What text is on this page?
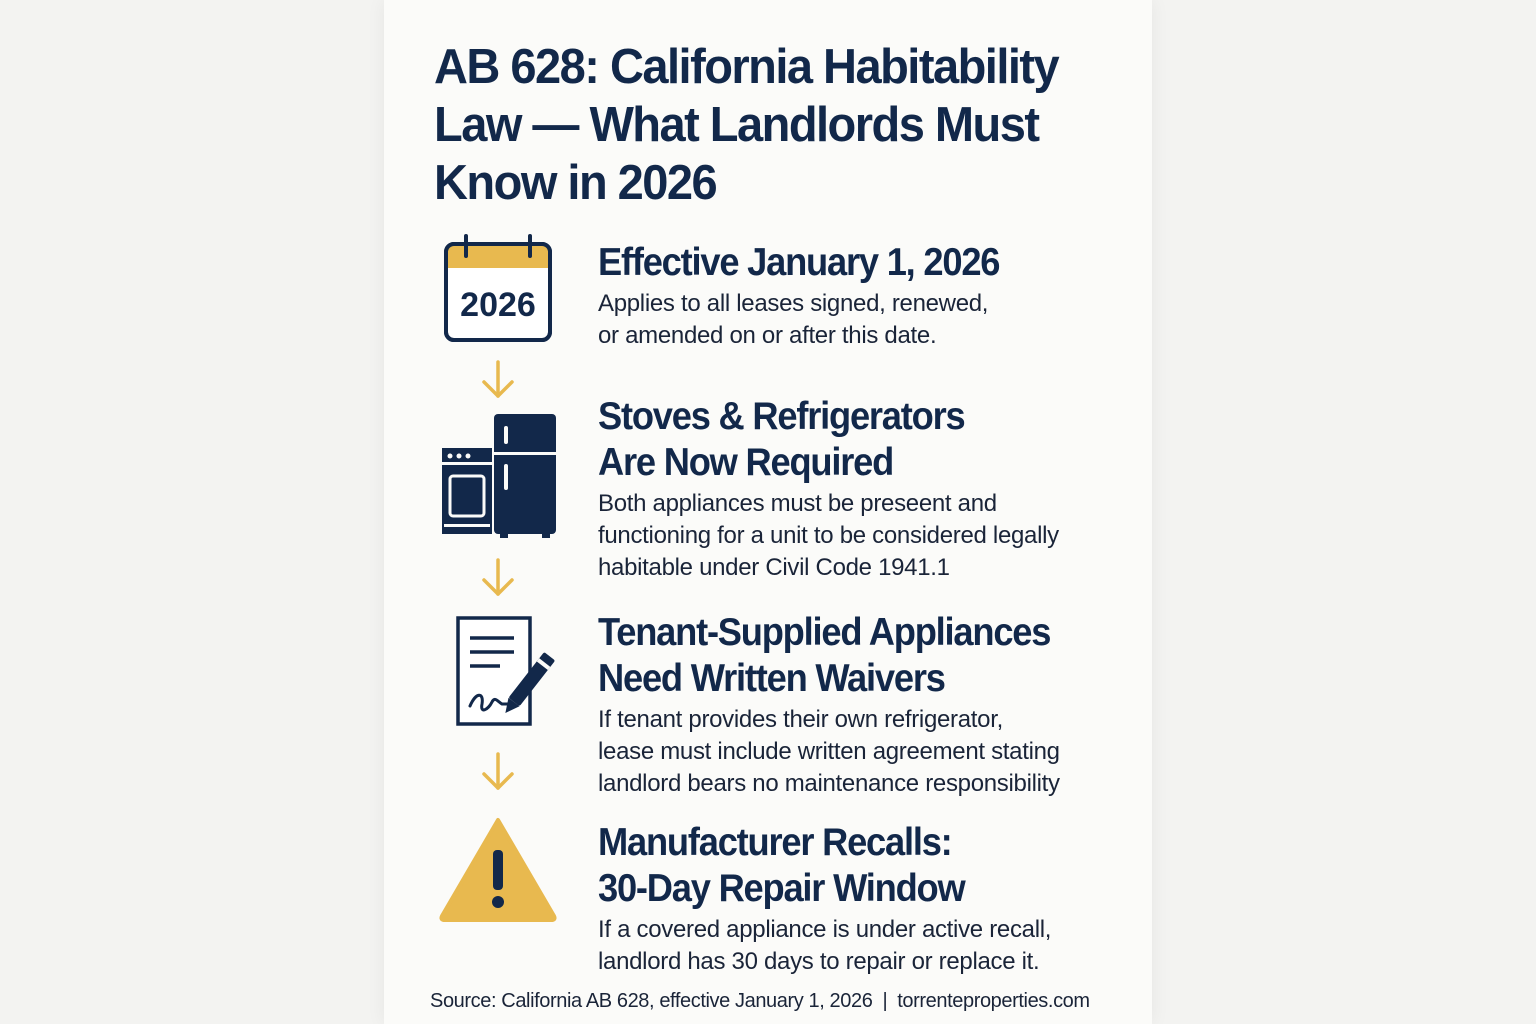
AB 628: California Habitability Law — What Landlords Must Know in 2026
2026
Effective January 1, 2026

Applies to all leases signed, renewed,
or amended on or after this date.

Stoves & Refrigerators
Are Now Required

Both appliances must be preseent and
functioning for a unit to be considered legally
habitable under Civil Code 1941.1

Tenant-Supplied Appliances
Need Written Waivers

If tenant provides their own refrigerator,
lease must include written agreement stating
landlord bears no maintenance responsibility

Manufacturer Recalls:
30-Day Repair Window

If a covered appliance is under active recall,
landlord has 30 days to repair or replace it.

Source: California AB 628, effective January 1, 2026 | torrenteproperties.com
